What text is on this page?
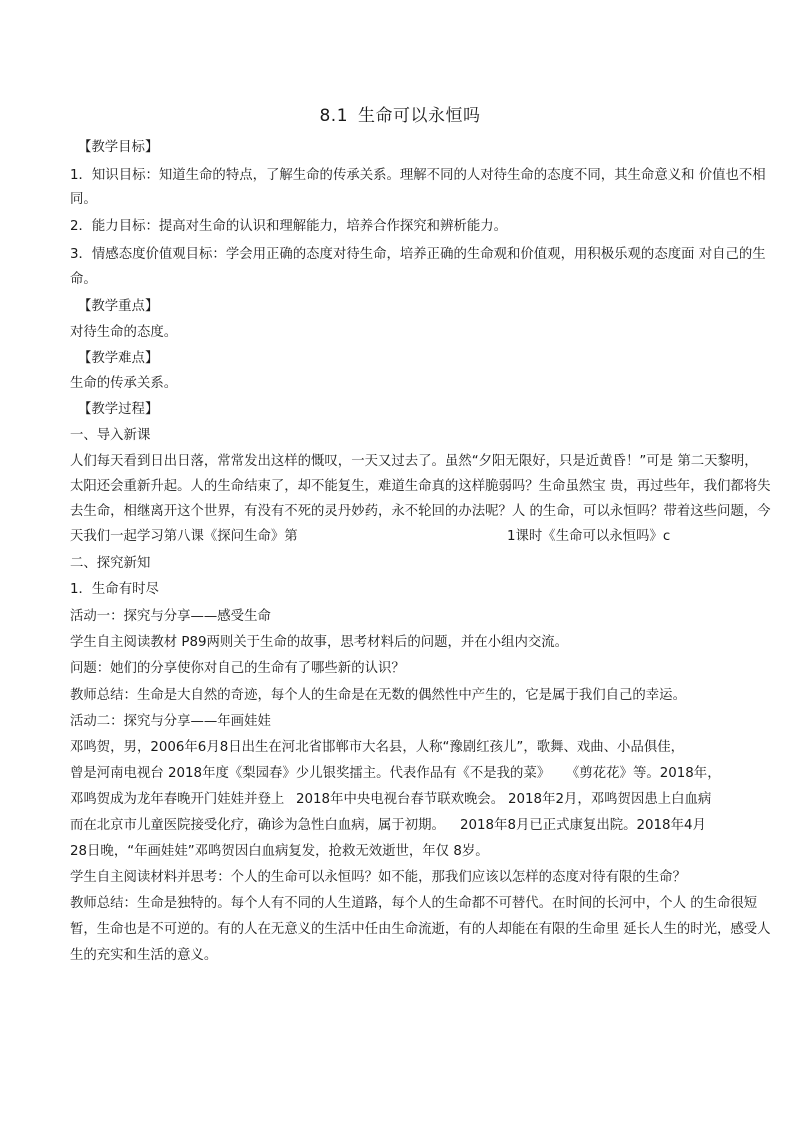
8.1 生命可以永恒吗
【教学目标】
1．知识目标：知道生命的特点，了解生命的传承关系。理解不同的人对待生命的态度不同，其生命意义和 价值也不相
同。
2．能力目标：提高对生命的认识和理解能力，培养合作探究和辨析能力。
3．情感态度价值观目标：学会用正确的态度对待生命，培养正确的生命观和价值观，用积极乐观的态度面 对自己的生
命。
【教学重点】
对待生命的态度。
【教学难点】
生命的传承关系。
【教学过程】
一、导入新课
人们每天看到日出日落，常常发出这样的慨叹，一天又过去了。虽然“夕阳无限好，只是近黄昏！”可是 第二天黎明，
太阳还会重新升起。人的生命结束了，却不能复生，难道生命真的这样脆弱吗？生命虽然宝 贵，再过些年，我们都将失
去生命，相继离开这个世界，有没有不死的灵丹妙药，永不轮回的办法呢？人 的生命，可以永恒吗？带着这些问题，今
天我们一起学习第八课《探问生命》第	1课时《生命可以永恒吗》c
二、探究新知
1．生命有时尽
活动一：探究与分享——感受生命
学生自主阅读教材 P89两则关于生命的故事，思考材料后的问题，并在小组内交流。
问题：她们的分享使你对自己的生命有了哪些新的认识？
教师总结：生命是大自然的奇迹，每个人的生命是在无数的偶然性中产生的，它是属于我们自己的幸运。
活动二：探究与分享——年画娃娃
邓鸣贺，男，2006年6月8日出生在河北省邯郸市大名县，人称“豫剧红孩儿”，歌舞、戏曲、小品俱佳，
曾是河南电视台 2018年度《梨园春》少儿银奖擂主。代表作品有《不是我的菜》	《剪花花》等。2018年，
邓鸣贺成为龙年春晚开门娃娃并登上 2018年中央电视台春节联欢晚会。 2018年2月，邓鸣贺因患上白血病
而在北京市儿童医院接受化疗，确诊为急性白血病，属于初期。	2018年8月已正式康复出院。2018年4月
28日晚，“年画娃娃”邓鸣贺因白血病复发，抢救无效逝世，年仅 8岁。
学生自主阅读材料并思考：个人的生命可以永恒吗？如不能，那我们应该以怎样的态度对待有限的生命？
教师总结：生命是独特的。每个人有不同的人生道路，每个人的生命都不可替代。在时间的长河中，个人 的生命很短
暂，生命也是不可逆的。有的人在无意义的生活中任由生命流逝，有的人却能在有限的生命里 延长人生的时光，感受人
生的充实和生活的意义。
